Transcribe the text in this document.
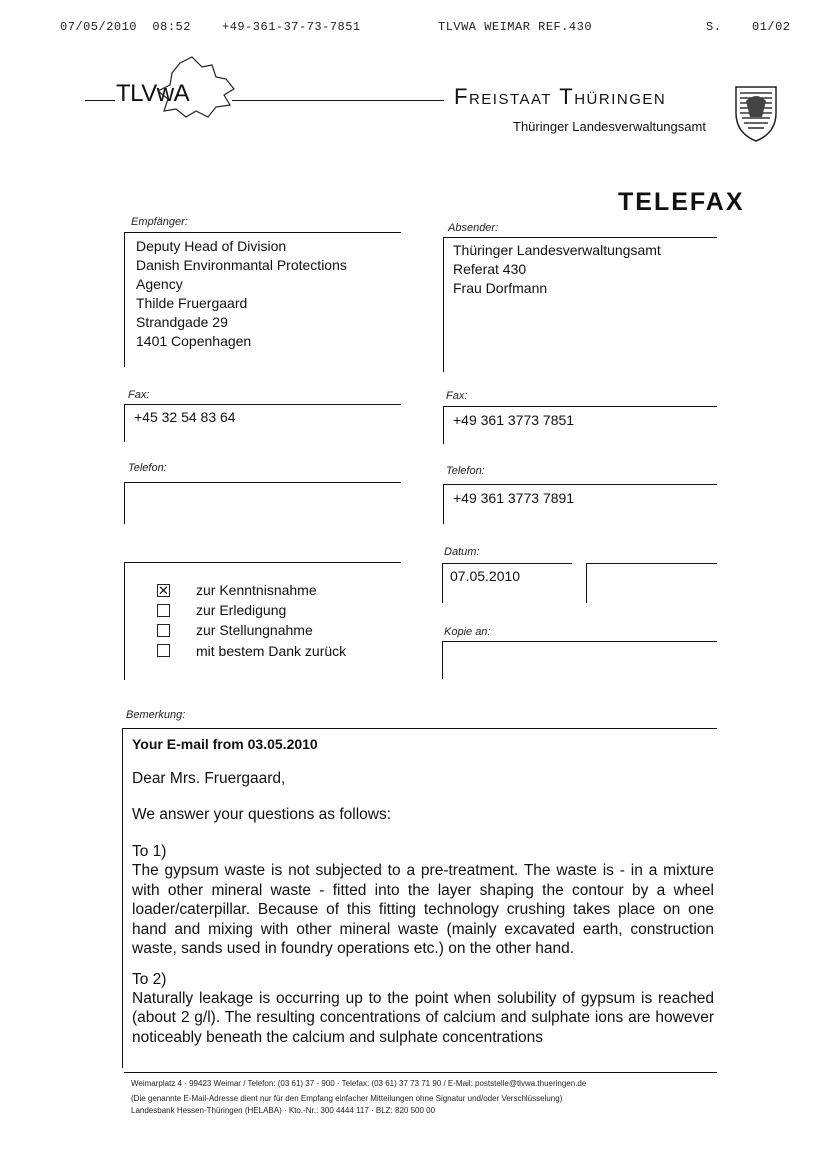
07/05/2010  08:52	+49-361-37-73-7851	TLVWA WEIMAR REF.430	S.	01/02
TLVwA	Freistaat Thüringen
Thüringer Landesverwaltungsamt
TELEFAX
Empfänger:
Deputy Head of Division
Danish Environmantal Protections
Agency
Thilde Fruergaard
Strandgade 29
1401 Copenhagen
Absender:
Thüringer Landesverwaltungsamt
Referat 430
Frau Dorfmann
Fax:
+45 32 54 83 64
Fax:
+49 361 3773 7851
Telefon:	Telefon:
+49 361 3773 7891
✕ zur Kenntnisnahme
zur Erledigung
zur Stellungnahme
mit bestem Dank zurück
Datum:
07.05.2010
Kopie an:
Bemerkung:
Your E-mail from 03.05.2010
Dear Mrs. Fruergaard,
We answer your questions as follows:
To 1)
The gypsum waste is not subjected to a pre-treatment. The waste is - in a mixture with other mineral waste - fitted into the layer shaping the contour by a wheel loader/caterpillar. Because of this fitting technology crushing takes place on one hand and mixing with other mineral waste (mainly excavated earth, construction waste, sands used in foundry operations etc.) on the other hand.
To 2)
Naturally leakage is occurring up to the point when solubility of gypsum is reached (about 2 g/l). The resulting concentrations of calcium and sulphate ions are however noticeably beneath the calcium and sulphate concentrations
Weimarplatz 4 · 99423 Weimar / Telefon: (03 61) 37 - 900 · Telefax: (03 61) 37 73 71 90 / E-Mail: poststelle@tlvwa.thueringen.de
(Die genannte E-Mail-Adresse dient nur für den Empfang einfacher Mitteilungen ohne Signatur und/oder Verschlüsselung)
Landesbank Hessen-Thüringen (HELABA) · Kto.-Nr.: 300 4444 117 · BLZ: 820 500 00
